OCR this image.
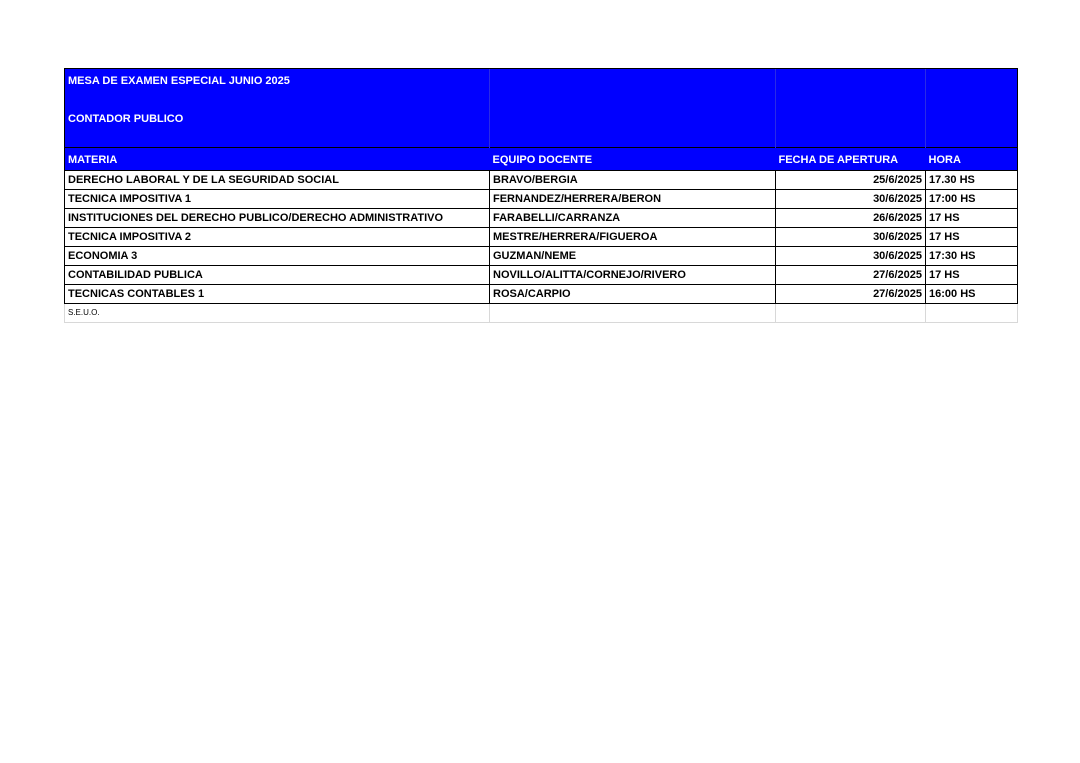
MESA DE EXAMEN ESPECIAL JUNIO 2025			

CONTADOR PUBLICO			

MATERIA	EQUIPO DOCENTE	FECHA DE APERTURA	HORA
DERECHO LABORAL Y DE LA SEGURIDAD SOCIAL	BRAVO/BERGIA	25/6/2025	17.30 HS
TECNICA IMPOSITIVA 1	FERNANDEZ/HERRERA/BERON	30/6/2025	17:00 HS
INSTITUCIONES DEL DERECHO PUBLICO/DERECHO ADMINISTRATIVO	FARABELLI/CARRANZA	26/6/2025	17 HS
TECNICA IMPOSITIVA 2	MESTRE/HERRERA/FIGUEROA	30/6/2025	17 HS
ECONOMIA 3	GUZMAN/NEME	30/6/2025	17:30 HS
CONTABILIDAD PUBLICA	NOVILLO/ALITTA/CORNEJO/RIVERO	27/6/2025	17 HS
TECNICAS CONTABLES 1	ROSA/CARPIO	27/6/2025	16:00 HS
S.E.U.O.			
